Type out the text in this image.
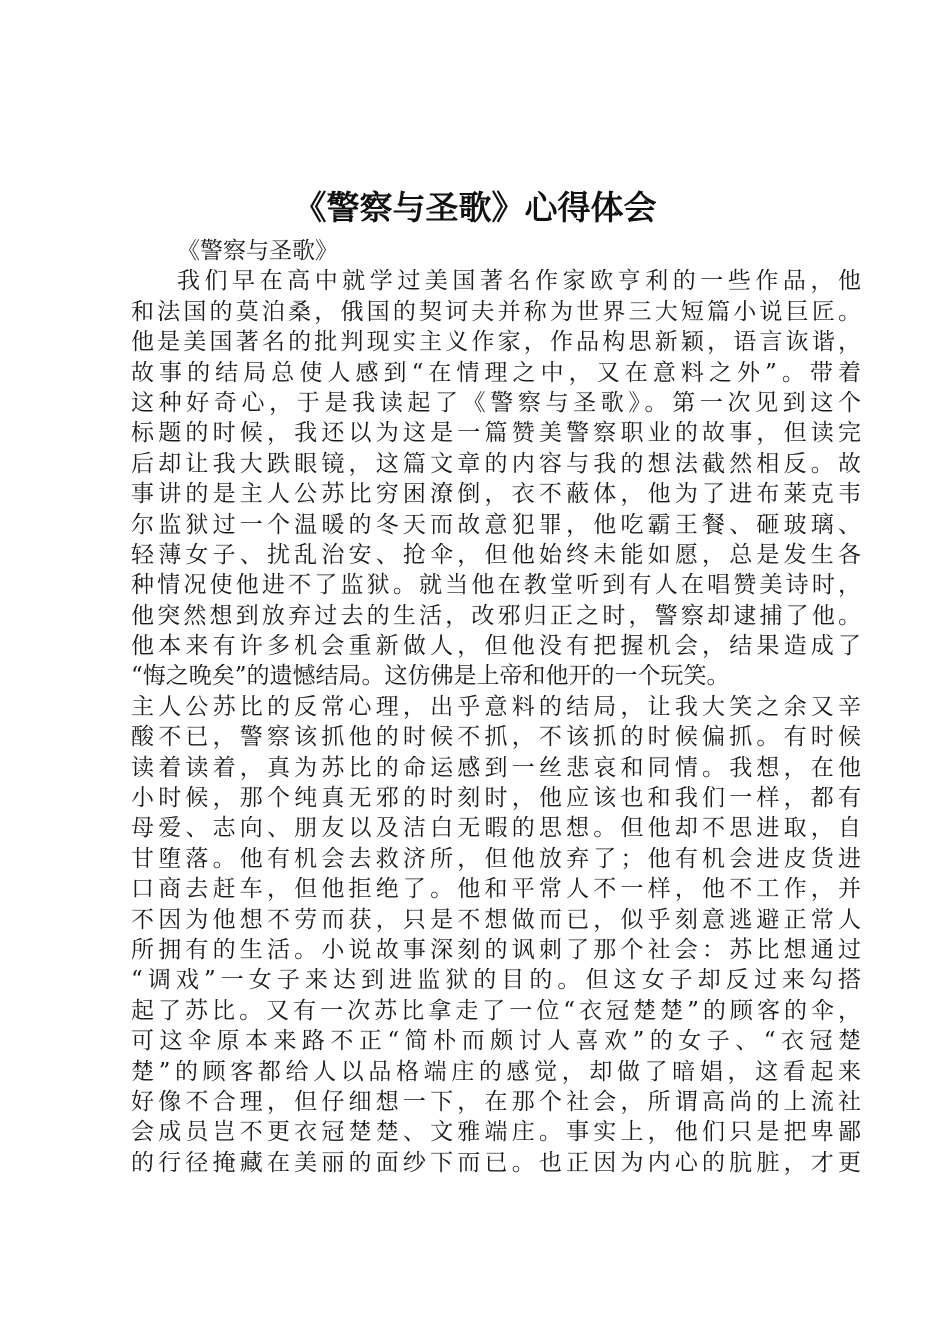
《警察与圣歌》心得体会
《警察与圣歌》
我们早在高中就学过美国著名作家欧亨利的一些作品，他
和法国的莫泊桑，俄国的契诃夫并称为世界三大短篇小说巨匠。
他是美国著名的批判现实主义作家，作品构思新颖，语言诙谐，
故事的结局总使人感到“在情理之中，又在意料之外”。带着
这种好奇心，于是我读起了《警察与圣歌》。第一次见到这个
标题的时候，我还以为这是一篇赞美警察职业的故事，但读完
后却让我大跌眼镜，这篇文章的内容与我的想法截然相反。故
事讲的是主人公苏比穷困潦倒，衣不蔽体，他为了进布莱克韦
尔监狱过一个温暖的冬天而故意犯罪，他吃霸王餐、砸玻璃、
轻薄女子、扰乱治安、抢伞，但他始终未能如愿，总是发生各
种情况使他进不了监狱。就当他在教堂听到有人在唱赞美诗时，
他突然想到放弃过去的生活，改邪归正之时，警察却逮捕了他。
他本来有许多机会重新做人，但他没有把握机会，结果造成了
“悔之晚矣”的遗憾结局。这仿佛是上帝和他开的一个玩笑。
主人公苏比的反常心理，出乎意料的结局，让我大笑之余又辛
酸不已，警察该抓他的时候不抓，不该抓的时候偏抓。有时候
读着读着，真为苏比的命运感到一丝悲哀和同情。我想，在他
小时候，那个纯真无邪的时刻时，他应该也和我们一样，都有
母爱、志向、朋友以及洁白无暇的思想。但他却不思进取，自
甘堕落。他有机会去救济所，但他放弃了；他有机会进皮货进
口商去赶车，但他拒绝了。他和平常人不一样，他不工作，并
不因为他想不劳而获，只是不想做而已，似乎刻意逃避正常人
所拥有的生活。小说故事深刻的讽刺了那个社会：苏比想通过
“调戏”一女子来达到进监狱的目的。但这女子却反过来勾搭
起了苏比。又有一次苏比拿走了一位“衣冠楚楚”的顾客的伞，
可这伞原本来路不正“简朴而颇讨人喜欢”的女子、“衣冠楚
楚”的顾客都给人以品格端庄的感觉，却做了暗娼，这看起来
好像不合理，但仔细想一下，在那个社会，所谓高尚的上流社
会成员岂不更衣冠楚楚、文雅端庄。事实上，他们只是把卑鄙
的行径掩藏在美丽的面纱下而已。也正因为内心的肮脏，才更
